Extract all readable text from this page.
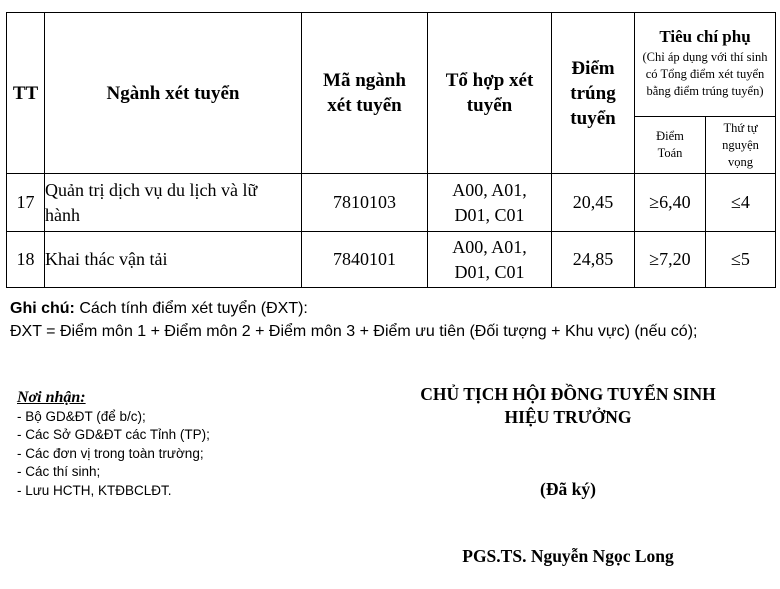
TT	Ngành xét tuyển	Mã ngành xét tuyển	Tổ hợp xét tuyển	Điểm trúng tuyển	Tiêu chí phụ
(Chỉ áp dụng với thí sinh có Tổng điểm xét tuyển bằng điểm trúng tuyển)	

					Điểm Toán	Thứ tự nguyện vọng
17	Quản trị dịch vụ du lịch và lữ hành	7810103	A00, A01, D01, C01	20,45	≥6,40	≤4
18	Khai thác vận tải	7840101	A00, A01, D01, C01	24,85	≥7,20	≤5
Ghi chú: Cách tính điểm xét tuyển (ĐXT):
ĐXT = Điểm môn 1 + Điểm môn 2 + Điểm môn 3 + Điểm ưu tiên (Đối tượng + Khu vực) (nếu có);
Nơi nhận:
- Bộ GD&ĐT (để b/c);
- Các Sở GD&ĐT các Tỉnh (TP);
- Các đơn vị trong toàn trường;
- Các thí sinh;
- Lưu HCTH, KTĐBCLĐT.
CHỦ TỊCH HỘI ĐỒNG TUYỂN SINH
HIỆU TRƯỞNG
(Đã ký)
PGS.TS. Nguyễn Ngọc Long
